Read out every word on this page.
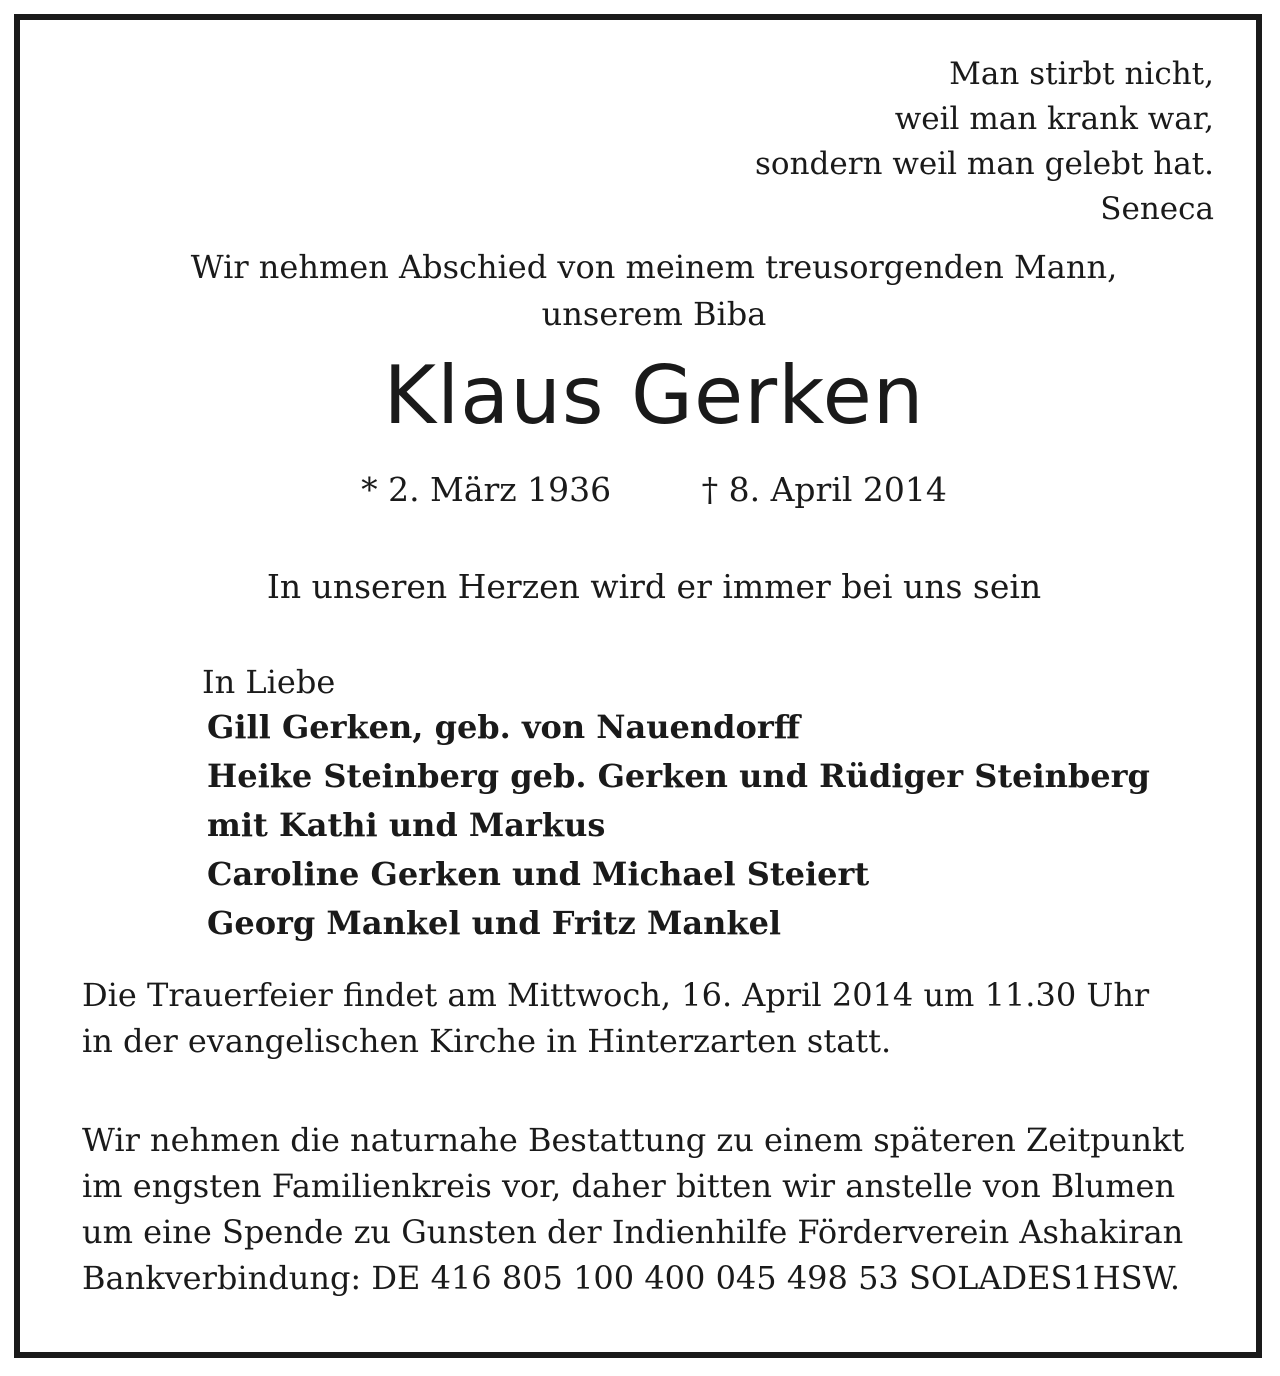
Man stirbt nicht,
weil man krank war,
sondern weil man gelebt hat.
Seneca
Wir nehmen Abschied von meinem treusorgenden Mann,
unserem Biba
Klaus Gerken
* 2. März 1936	† 8. April 2014
In unseren Herzen wird er immer bei uns sein
In Liebe
Gill Gerken, geb. von Nauendorff
Heike Steinberg geb. Gerken und Rüdiger Steinberg
mit Kathi und Markus
Caroline Gerken und Michael Steiert
Georg Mankel und Fritz Mankel
Die Trauerfeier findet am Mittwoch, 16. April 2014 um 11.30 Uhr
in der evangelischen Kirche in Hinterzarten statt.
Wir nehmen die naturnahe Bestattung zu einem späteren Zeitpunkt
im engsten Familienkreis vor, daher bitten wir anstelle von Blumen
um eine Spende zu Gunsten der Indienhilfe Förderverein Ashakiran
Bankverbindung: DE 416 805 100 400 045 498 53 SOLADES1HSW.
